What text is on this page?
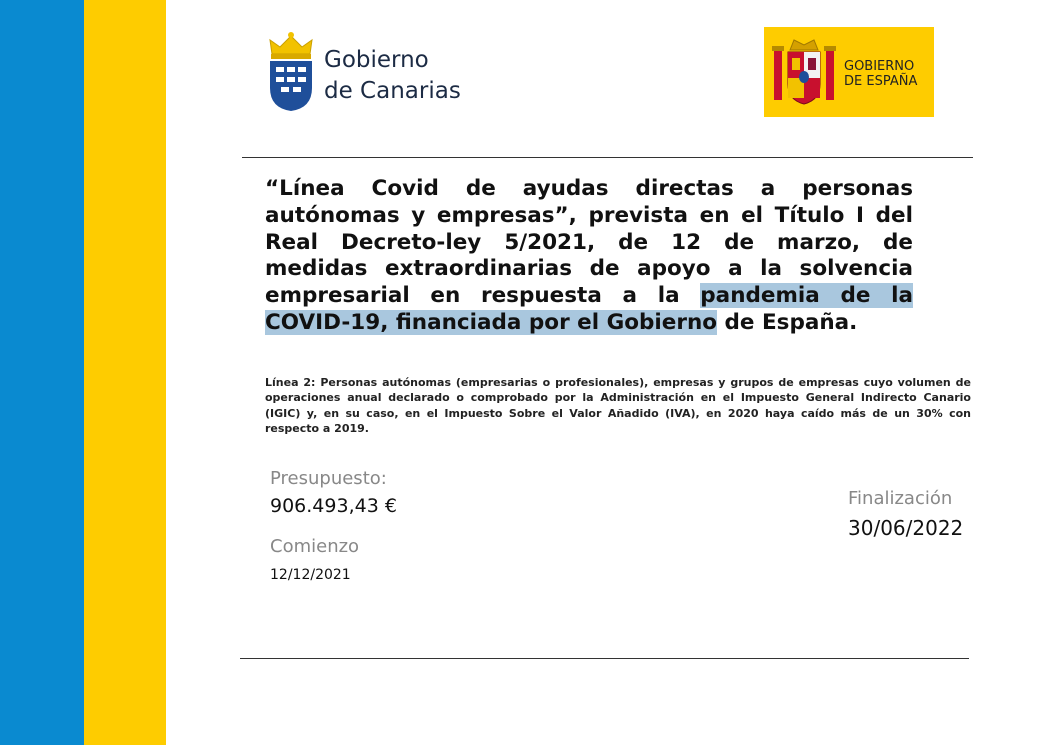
Gobierno
de Canarias
GOBIERNO
DE ESPAÑA

“Línea Covid de ayudas directas a personas autónomas y empresas”, prevista en el Título I del Real Decreto-ley 5/2021, de 12 de marzo, de medidas extraordinarias de apoyo a la solvencia empresarial en respuesta a la pandemia de la COVID-19, financiada por el Gobierno de España.

Línea 2: Personas autónomas (empresarias o profesionales), empresas y grupos de empresas cuyo volumen de operaciones anual declarado o comprobado por la Administración en el Impuesto General Indirecto Canario (IGIC) y, en su caso, en el Impuesto Sobre el Valor Añadido (IVA), en 2020 haya caído más de un 30% con respecto a 2019.

Presupuesto:
906.493,43 €
Comienzo
12/12/2021
Finalización
30/06/2022
